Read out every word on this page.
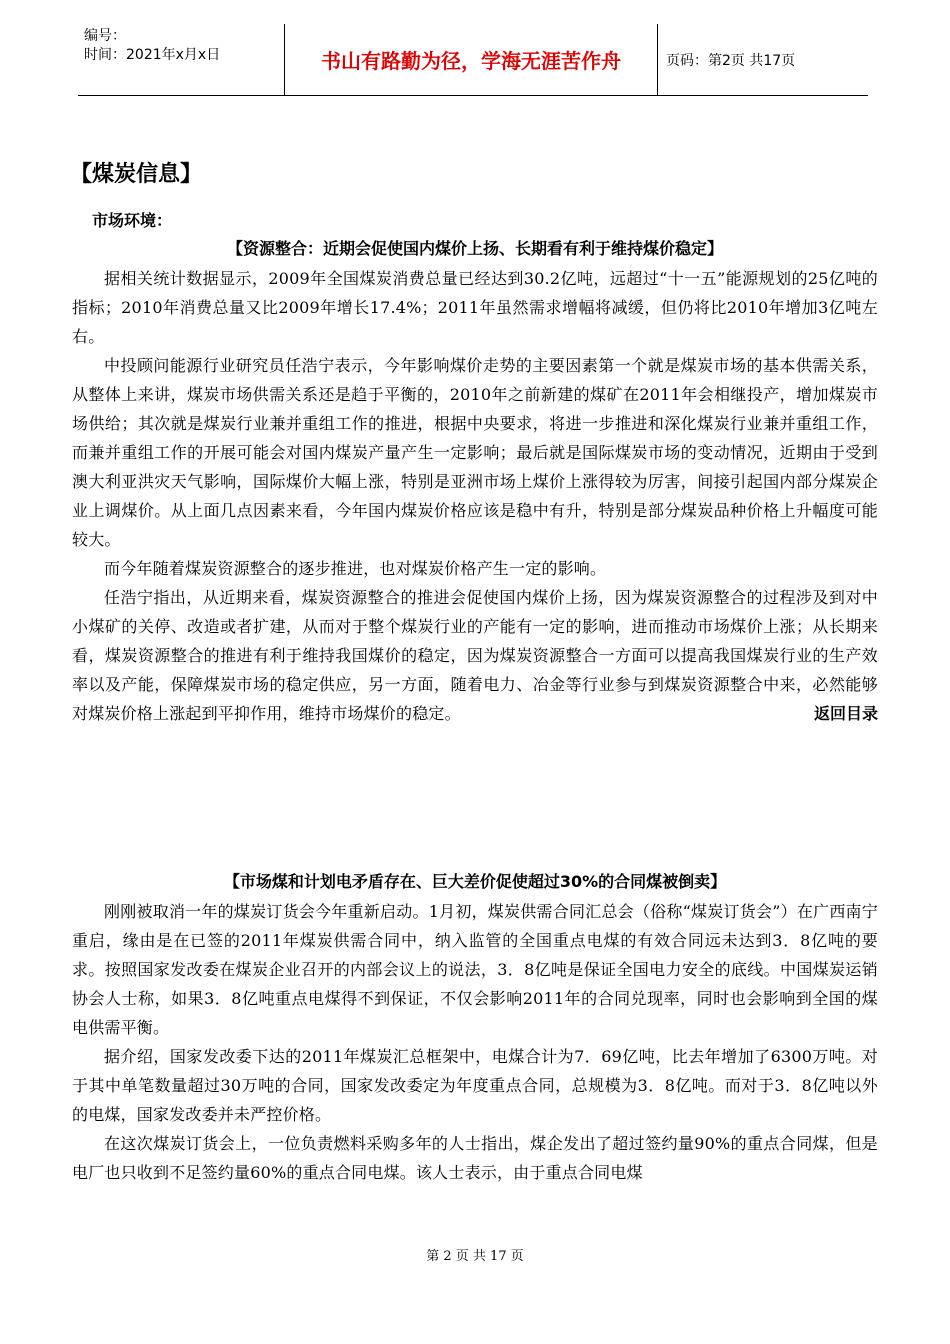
编号：
时间：2021年x月x日	书山有路勤为径，学海无涯苦作舟	页码：第2页 共17页
【煤炭信息】
市场环境：
【资源整合：近期会促使国内煤价上扬、长期看有利于维持煤价稳定】

据相关统计数据显示，2009年全国煤炭消费总量已经达到30.2亿吨，远超过“十一五”能源规划的25亿吨的指标；2010年消费总量又比2009年增长17.4%；2011年虽然需求增幅将减缓，但仍将比2010年增加3亿吨左右。

中投顾问能源行业研究员任浩宁表示，今年影响煤价走势的主要因素第一个就是煤炭市场的基本供需关系，从整体上来讲，煤炭市场供需关系还是趋于平衡的，2010年之前新建的煤矿在2011年会相继投产，增加煤炭市场供给；其次就是煤炭行业兼并重组工作的推进，根据中央要求，将进一步推进和深化煤炭行业兼并重组工作，而兼并重组工作的开展可能会对国内煤炭产量产生一定影响；最后就是国际煤炭市场的变动情况，近期由于受到澳大利亚洪灾天气影响，国际煤价大幅上涨，特别是亚洲市场上煤价上涨得较为厉害，间接引起国内部分煤炭企业上调煤价。从上面几点因素来看，今年国内煤炭价格应该是稳中有升，特别是部分煤炭品种价格上升幅度可能较大。

而今年随着煤炭资源整合的逐步推进，也对煤炭价格产生一定的影响。

任浩宁指出，从近期来看，煤炭资源整合的推进会促使国内煤价上扬，因为煤炭资源整合的过程涉及到对中小煤矿的关停、改造或者扩建，从而对于整个煤炭行业的产能有一定的影响，进而推动市场煤价上涨；从长期来看，煤炭资源整合的推进有利于维持我国煤价的稳定，因为煤炭资源整合一方面可以提高我国煤炭行业的生产效率以及产能，保障煤炭市场的稳定供应，另一方面，随着电力、冶金等行业参与到煤炭资源整合中来，必然能够对煤炭价格上涨起到平抑作用，维持市场煤价的稳定。	返回目录
【市场煤和计划电矛盾存在、巨大差价促使超过30%的合同煤被倒卖】

刚刚被取消一年的煤炭订货会今年重新启动。1月初，煤炭供需合同汇总会（俗称“煤炭订货会”）在广西南宁重启，缘由是在已签的2011年煤炭供需合同中，纳入监管的全国重点电煤的有效合同远未达到3．8亿吨的要求。按照国家发改委在煤炭企业召开的内部会议上的说法，3．8亿吨是保证全国电力安全的底线。中国煤炭运销协会人士称，如果3．8亿吨重点电煤得不到保证，不仅会影响2011年的合同兑现率，同时也会影响到全国的煤电供需平衡。

据介绍，国家发改委下达的2011年煤炭汇总框架中，电煤合计为7．69亿吨，比去年增加了6300万吨。对于其中单笔数量超过30万吨的合同，国家发改委定为年度重点合同，总规模为3．8亿吨。而对于3．8亿吨以外的电煤，国家发改委并未严控价格。

在这次煤炭订货会上，一位负责燃料采购多年的人士指出，煤企发出了超过签约量90%的重点合同煤，但是电厂也只收到不足签约量60%的重点合同电煤。该人士表示，由于重点合同电煤

第 2 页 共 17 页
